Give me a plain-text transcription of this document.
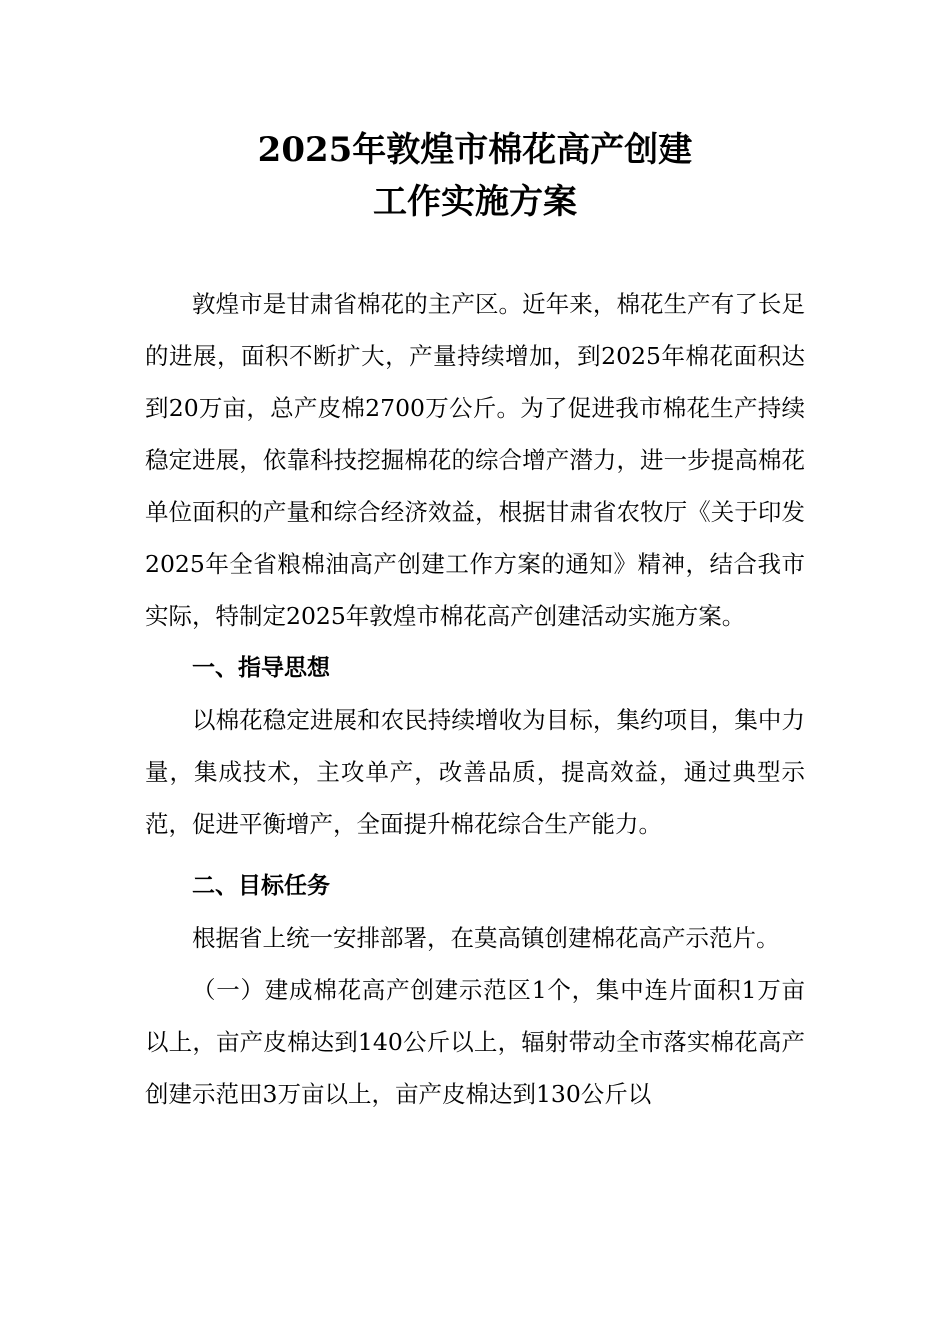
2025年敦煌市棉花高产创建
工作实施方案

敦煌市是甘肃省棉花的主产区。近年来，棉花生产有了长足的进展，面积不断扩大，产量持续增加，到2025年棉花面积达到20万亩，总产皮棉2700万公斤。为了促进我市棉花生产持续稳定进展，依靠科技挖掘棉花的综合增产潜力，进一步提高棉花单位面积的产量和综合经济效益，根据甘肃省农牧厅《关于印发2025年全省粮棉油高产创建工作方案的通知》精神，结合我市实际，特制定2025年敦煌市棉花高产创建活动实施方案。

一、指导思想

以棉花稳定进展和农民持续增收为目标，集约项目，集中力量，集成技术，主攻单产，改善品质，提高效益，通过典型示范，促进平衡增产，全面提升棉花综合生产能力。

二、目标任务

根据省上统一安排部署，在莫高镇创建棉花高产示范片。

（一）建成棉花高产创建示范区1个，集中连片面积1万亩以上，亩产皮棉达到140公斤以上，辐射带动全市落实棉花高产创建示范田3万亩以上，亩产皮棉达到130公斤以
